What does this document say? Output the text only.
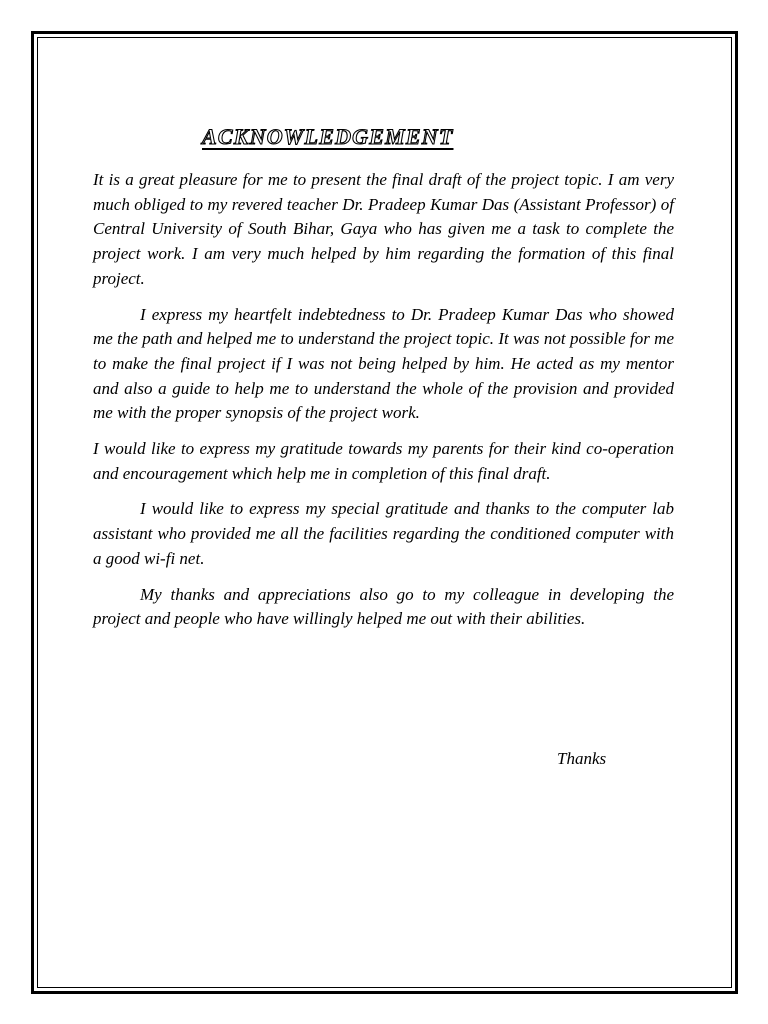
ACKNOWLEDGEMENT

It is a great pleasure for me to present the final draft of the project topic. I am very much obliged to my revered teacher Dr. Pradeep Kumar Das (Assistant Professor) of Central University of South Bihar, Gaya who has given me a task to complete the project work. I am very much helped by him regarding the formation of this final project.

I express my heartfelt indebtedness to Dr. Pradeep Kumar Das who showed me the path and helped me to understand the project topic. It was not possible for me to make the final project if I was not being helped by him. He acted as my mentor and also a guide to help me to understand the whole of the provision and provided me with the proper synopsis of the project work.

I would like to express my gratitude towards my parents for their kind co-operation and encouragement which help me in completion of this final draft.

I would like to express my special gratitude and thanks to the computer lab assistant who provided me all the facilities regarding the conditioned computer with a good wi-fi net.

My thanks and appreciations also go to my colleague in developing the project and people who have willingly helped me out with their abilities.

Thanks
